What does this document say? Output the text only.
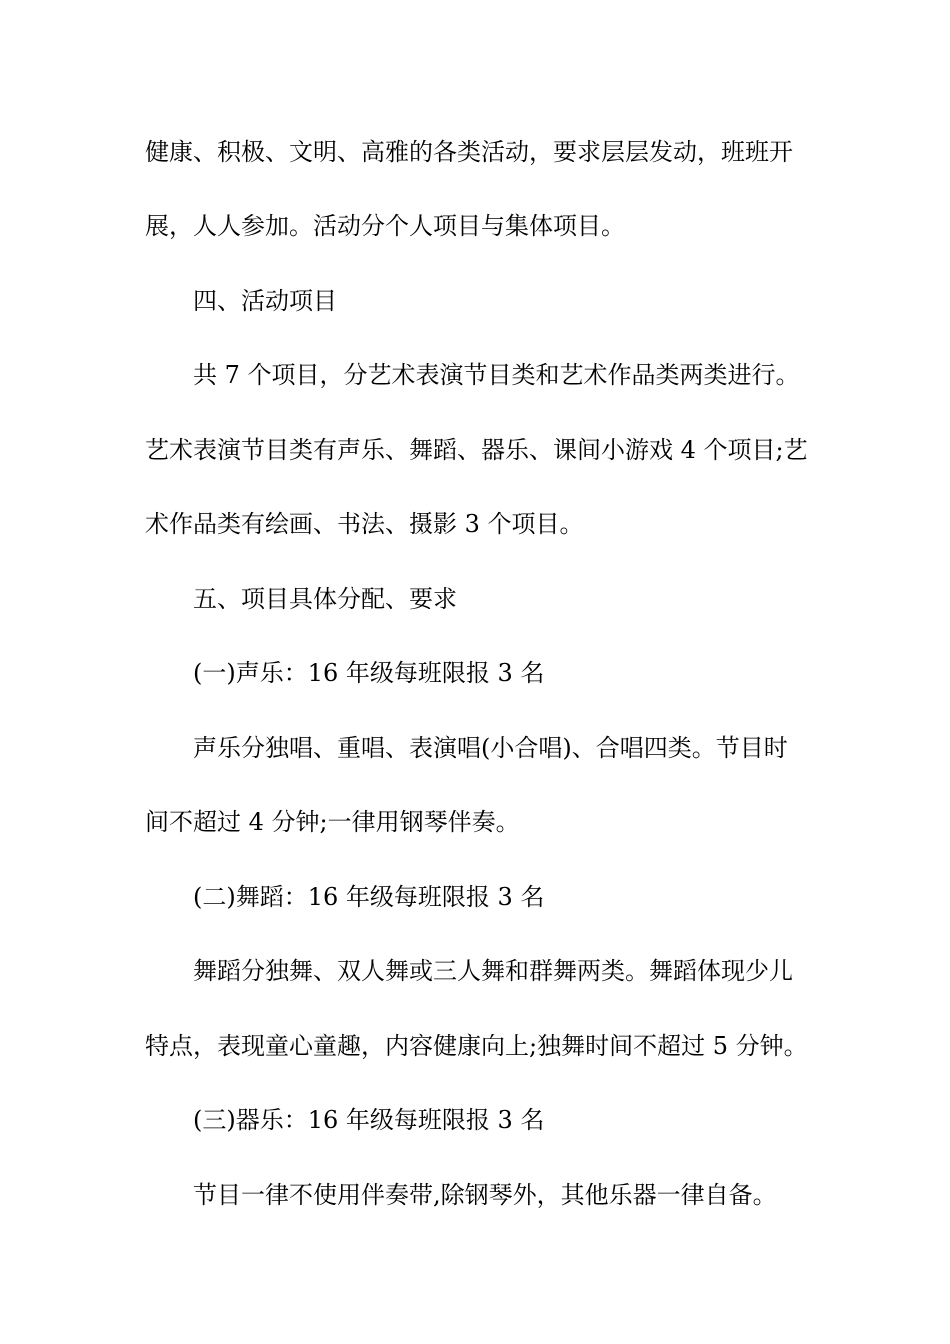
健康、积极、文明、高雅的各类活动，要求层层发动，班班开
展，人人参加。活动分个人项目与集体项目。
四、活动项目
共 7 个项目，分艺术表演节目类和艺术作品类两类进行。
艺术表演节目类有声乐、舞蹈、器乐、课间小游戏 4 个项目;艺
术作品类有绘画、书法、摄影 3 个项目。
五、项目具体分配、要求
(一)声乐：16 年级每班限报 3 名
声乐分独唱、重唱、表演唱(小合唱)、合唱四类。节目时
间不超过 4 分钟;一律用钢琴伴奏。
(二)舞蹈：16 年级每班限报 3 名
舞蹈分独舞、双人舞或三人舞和群舞两类。舞蹈体现少儿
特点，表现童心童趣，内容健康向上;独舞时间不超过 5 分钟。
(三)器乐：16 年级每班限报 3 名
节目一律不使用伴奏带,除钢琴外，其他乐器一律自备。
